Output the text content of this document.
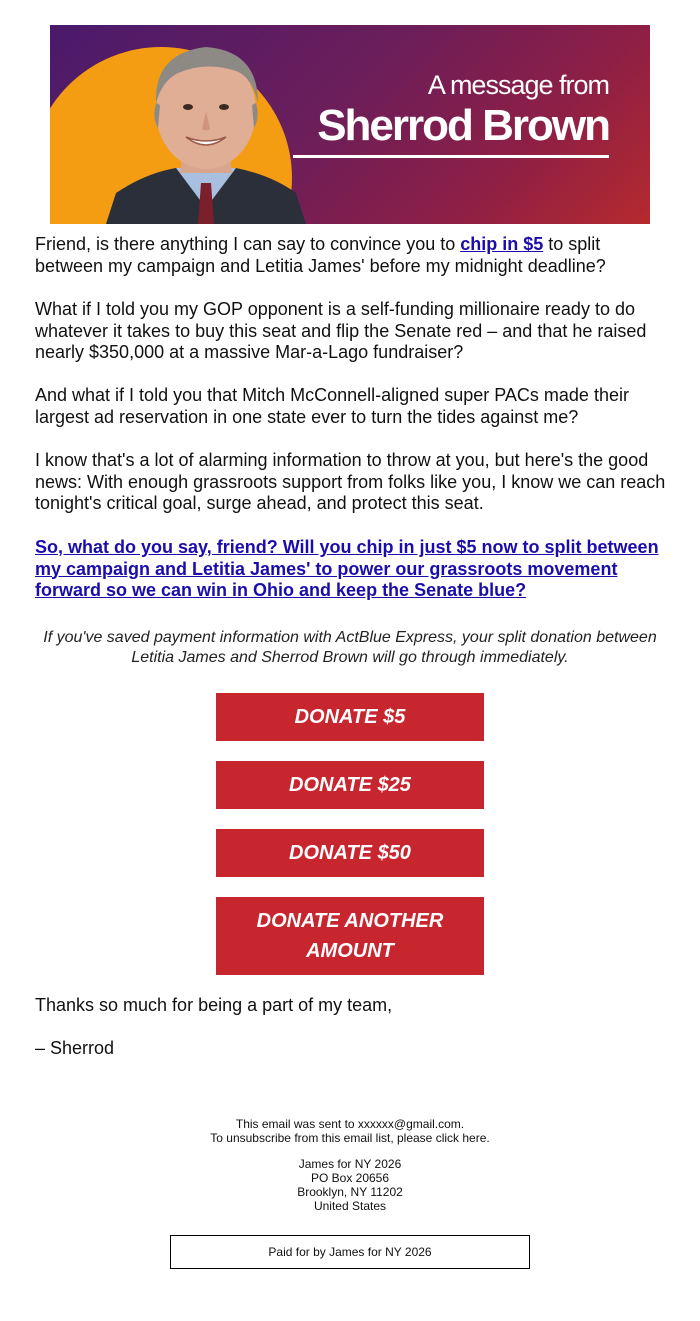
A message from
Sherrod Brown

Friend, is there anything I can say to convince you to chip in $5 to split between my campaign and Letitia James' before my midnight deadline?

What if I told you my GOP opponent is a self-funding millionaire ready to do whatever it takes to buy this seat and flip the Senate red – and that he raised nearly $350,000 at a massive Mar-a-Lago fundraiser?

And what if I told you that Mitch McConnell-aligned super PACs made their largest ad reservation in one state ever to turn the tides against me?

I know that's a lot of alarming information to throw at you, but here's the good news: With enough grassroots support from folks like you, I know we can reach tonight's critical goal, surge ahead, and protect this seat.

So, what do you say, friend? Will you chip in just $5 now to split between my campaign and Letitia James' to power our grassroots movement forward so we can win in Ohio and keep the Senate blue?

If you've saved payment information with ActBlue Express, your split donation between Letitia James and Sherrod Brown will go through immediately.

DONATE $5
DONATE $25
DONATE $50
DONATE ANOTHER
AMOUNT

Thanks so much for being a part of my team,

– Sherrod

This email was sent to xxxxxx@gmail.com.
To unsubscribe from this email list, please click here.
James for NY 2026
PO Box 20656
Brooklyn, NY 11202
United States
Paid for by James for NY 2026
